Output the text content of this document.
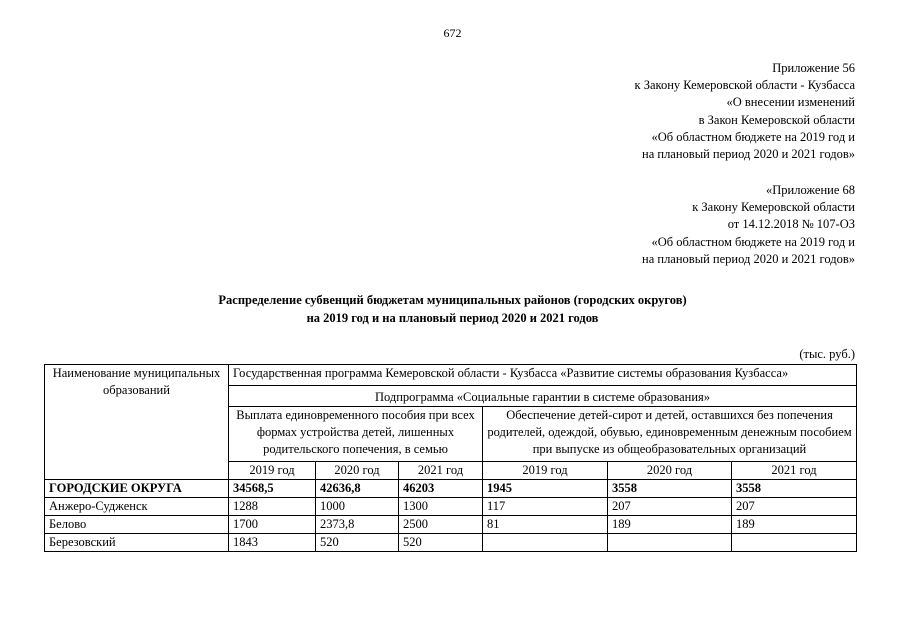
672
Приложение 56
к Закону Кемеровской области - Кузбасса
«О внесении изменений
в Закон Кемеровской области
«Об областном бюджете на 2019 год и
на плановый период 2020 и 2021 годов»
«Приложение 68
к Закону Кемеровской области
от 14.12.2018 № 107-ОЗ
«Об областном бюджете на 2019 год и
на плановый период 2020 и 2021 годов»
Распределение субвенций бюджетам муниципальных районов (городских округов)
на 2019 год и на плановый период 2020 и 2021 годов
(тыс. руб.)
Наименование муниципальных образований	Государственная программа Кемеровской области - Кузбасса «Развитие системы образования Кузбасса»					
	Подпрограмма «Социальные гарантии в системе образования»					
	Выплата единовременного пособия при всех формах устройства детей, лишенных родительского попечения, в семью			Обеспечение детей-сирот и детей, оставшихся без попечения родителей, одеждой, обувью, единовременным денежным пособием при выпуске из общеобразовательных организаций		
	2019 год	2020 год	2021 год	2019 год	2020 год	2021 год
ГОРОДСКИЕ ОКРУГА	34568,5	42636,8	46203	1945	3558	3558
Анжеро-Судженск	1288	1000	1300	117	207	207
Белово	1700	2373,8	2500	81	189	189
Березовский	1843	520	520			
